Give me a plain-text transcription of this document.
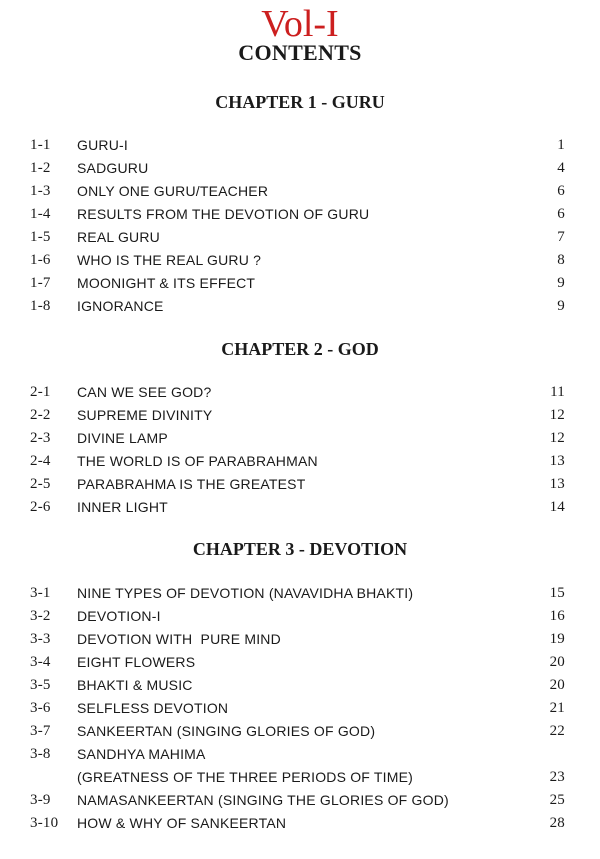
Vol-I
CONTENTS
CHAPTER 1 - GURU
1-1 GURU-I	1
1-2 SADGURU	4
1-3 ONLY ONE GURU/TEACHER	6
1-4 RESULTS FROM THE DEVOTION OF GURU	6
1-5 REAL GURU	7
1-6 WHO IS THE REAL GURU ?	8
1-7 MOONIGHT & ITS EFFECT	9
1-8 IGNORANCE	9
CHAPTER 2 - GOD
2-1 CAN WE SEE GOD?	11
2-2 SUPREME DIVINITY	12
2-3 DIVINE LAMP	12
2-4 THE WORLD IS OF PARABRAHMAN	13
2-5 PARABRAHMA IS THE GREATEST	13
2-6 INNER LIGHT	14
CHAPTER 3 - DEVOTION
3-1 NINE TYPES OF DEVOTION (NAVAVIDHA BHAKTI)	15
3-2 DEVOTION-I	16
3-3 DEVOTION WITH  PURE MIND	19
3-4 EIGHT FLOWERS	20
3-5 BHAKTI & MUSIC	20
3-6 SELFLESS DEVOTION	21
3-7 SANKEERTAN (SINGING GLORIES OF GOD)	22
3-8 SANDHYA MAHIMA
(GREATNESS OF THE THREE PERIODS OF TIME)	23
3-9 NAMASANKEERTAN (SINGING THE GLORIES OF GOD)	25
3-10 HOW & WHY OF SANKEERTAN	28
